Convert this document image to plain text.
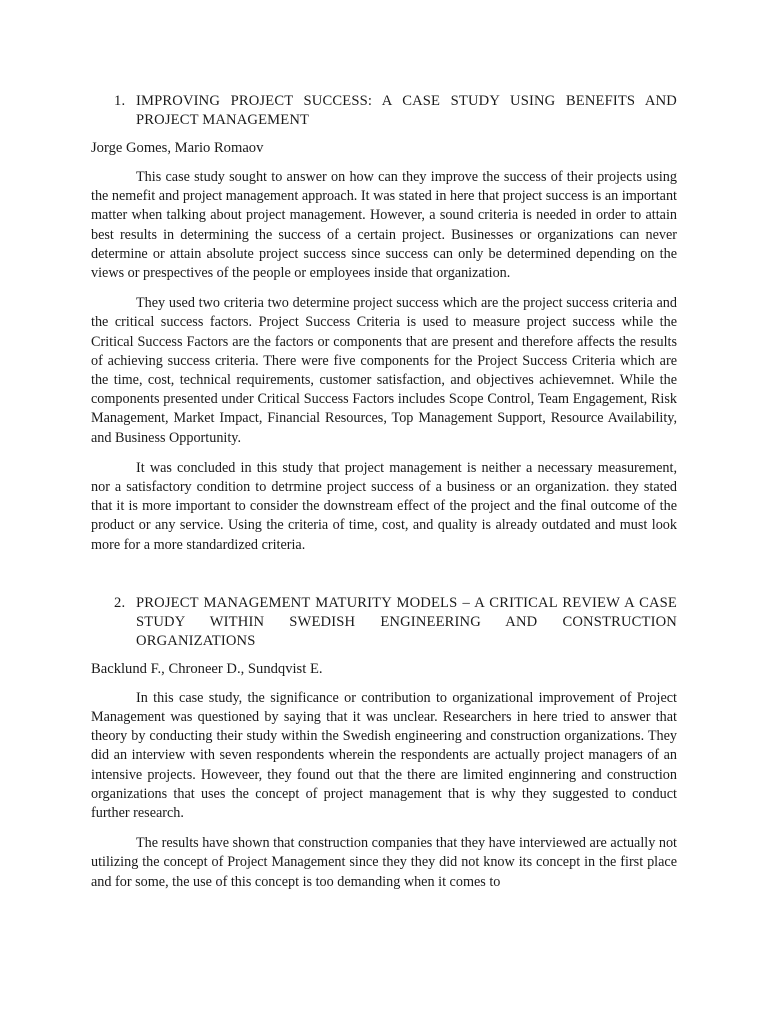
1. IMPROVING PROJECT SUCCESS: A CASE STUDY USING BENEFITS AND PROJECT MANAGEMENT
Jorge Gomes, Mario Romaov

This case study sought to answer on how can they improve the success of their projects using the nemefit and project management approach. It was stated in here that project success is an important matter when talking about project management. However, a sound criteria is needed in order to attain best results in determining the success of a certain project. Businesses or organizations can never determine or attain absolute project success since success can only be determined depending on the views or prespectives of the people or employees inside that organization.

They used two criteria two determine project success which are the project success criteria and the critical success factors. Project Success Criteria is used to measure project success while the Critical Success Factors are the factors or components that are present and therefore affects the results of achieving success criteria. There were five components for the Project Success Criteria which are the time, cost, technical requirements, customer satisfaction, and objectives achievemnet. While the components presented under Critical Success Factors includes Scope Control, Team Engagement, Risk Management, Market Impact, Financial Resources, Top Management Support, Resource Availability, and Business Opportunity.

It was concluded in this study that project management is neither a necessary measurement, nor a satisfactory condition to detrmine project success of a business or an organization. they stated that it is more important to consider the downstream effect of the project and the final outcome of the product or any service. Using the criteria of time, cost, and quality is already outdated and must look more for a more standardized criteria.

2. PROJECT MANAGEMENT MATURITY MODELS – A CRITICAL REVIEW A CASE STUDY WITHIN SWEDISH ENGINEERING AND CONSTRUCTION ORGANIZATIONS
Backlund F., Chroneer D., Sundqvist E.

In this case study, the significance or contribution to organizational improvement of Project Management was questioned by saying that it was unclear. Researchers in here tried to answer that theory by conducting their study within the Swedish engineering and construction organizations. They did an interview with seven respondents wherein the respondents are actually project managers of an intensive projects. Howeveer, they found out that the there are limited enginnering and construction organizations that uses the concept of project management that is why they suggested to conduct further research.

The results have shown that construction companies that they have interviewed are actually not utilizing the concept of Project Management since they they did not know its concept in the first place and for some, the use of this concept is too demanding when it comes to
